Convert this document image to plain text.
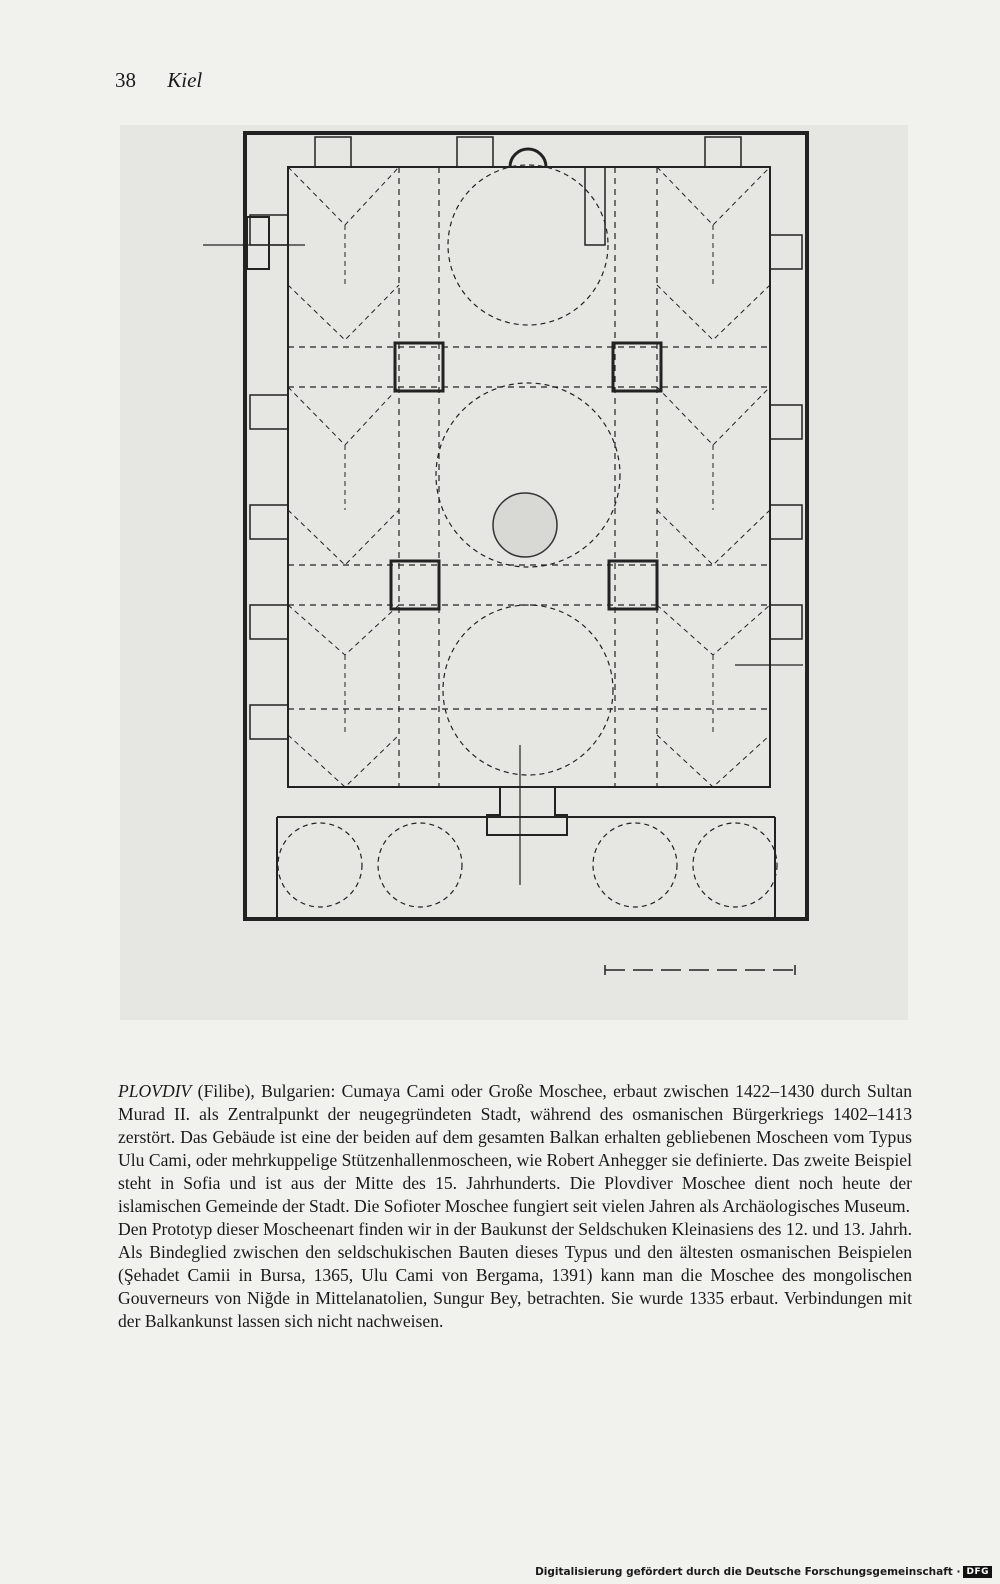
38 Kiel

PLOVDIV (Filibe), Bulgarien: Cumaya Cami oder Große Moschee, erbaut zwischen 1422–1430 durch Sultan Murad II. als Zentralpunkt der neugegründeten Stadt, während des osmanischen Bürgerkriegs 1402–1413 zerstört. Das Gebäude ist eine der beiden auf dem gesamten Balkan erhalten gebliebenen Moscheen vom Typus Ulu Cami, oder mehrkuppelige Stützenhallenmoscheen, wie Robert Anhegger sie definierte. Das zweite Beispiel steht in Sofia und ist aus der Mitte des 15. Jahrhunderts. Die Plovdiver Moschee dient noch heute der islamischen Gemeinde der Stadt. Die Sofioter Moschee fungiert seit vielen Jahren als Archäologisches Museum.

Den Prototyp dieser Moscheenart finden wir in der Baukunst der Seldschuken Kleinasiens des 12. und 13. Jahrh. Als Bindeglied zwischen den seldschukischen Bauten dieses Typus und den ältesten osmanischen Beispielen (Şehadet Camii in Bursa, 1365, Ulu Cami von Bergama, 1391) kann man die Moschee des mongolischen Gouverneurs von Niğde in Mittelanatolien, Sungur Bey, betrachten. Sie wurde 1335 erbaut. Verbindungen mit der Balkankunst lassen sich nicht nachweisen.

Digitalisierung gefördert durch die Deutsche Forschungsgemeinschaft · DFG
